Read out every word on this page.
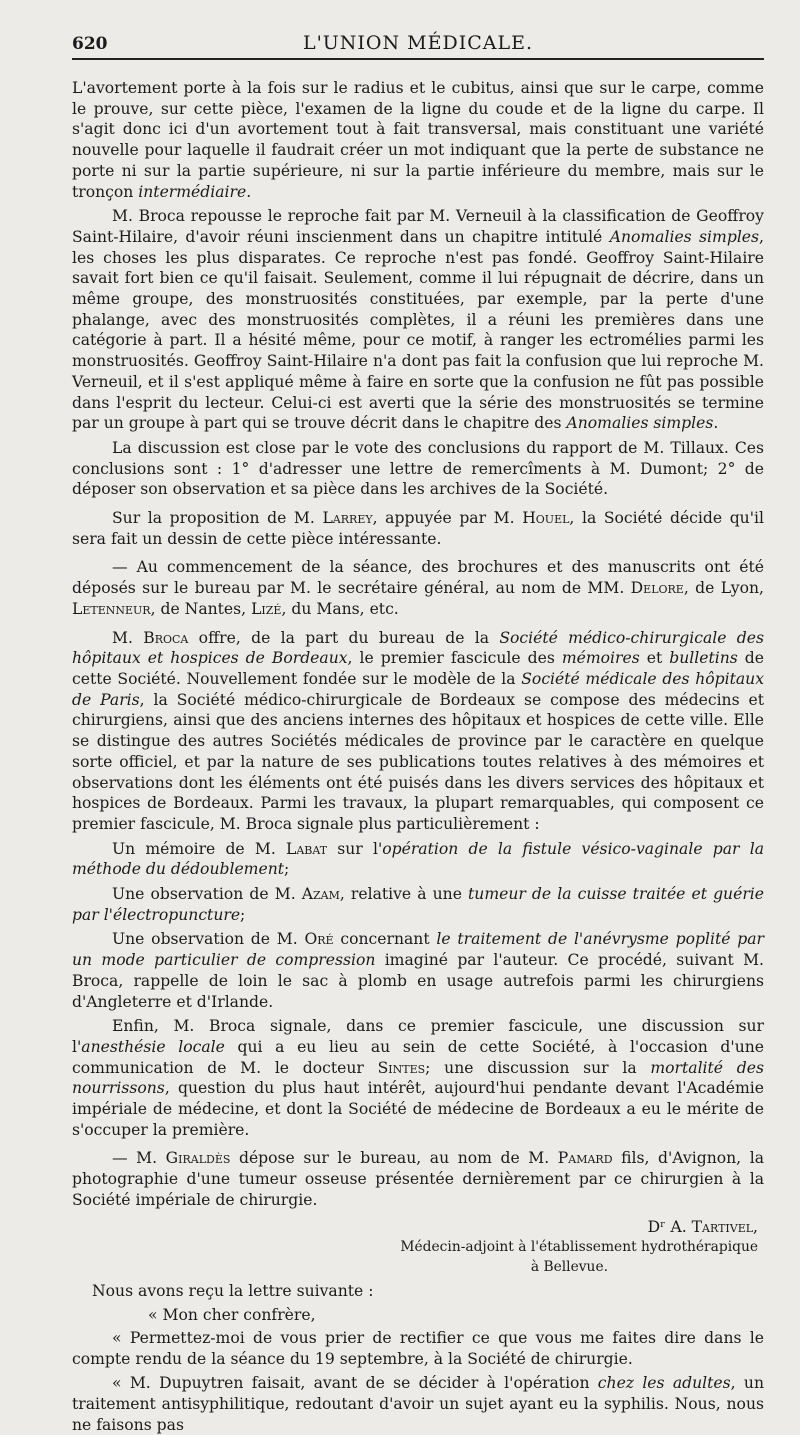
620	L'UNION MÉDICALE.

L'avortement porte à la fois sur le radius et le cubitus, ainsi que sur le carpe, comme le prouve, sur cette pièce, l'examen de la ligne du coude et de la ligne du carpe. Il s'agit donc ici d'un avortement tout à fait transversal, mais constituant une variété nouvelle pour laquelle il faudrait créer un mot indiquant que la perte de substance ne porte ni sur la partie supérieure, ni sur la partie inférieure du membre, mais sur le tronçon intermédiaire.

M. Broca repousse le reproche fait par M. Verneuil à la classification de Geoffroy Saint-Hilaire, d'avoir réuni inscienment dans un chapitre intitulé Anomalies simples, les choses les plus disparates. Ce reproche n'est pas fondé. Geoffroy Saint-Hilaire savait fort bien ce qu'il faisait. Seulement, comme il lui répugnait de décrire, dans un même groupe, des monstruosités constituées, par exemple, par la perte d'une phalange, avec des monstruosités complètes, il a réuni les premières dans une catégorie à part. Il a hésité même, pour ce motif, à ranger les ectromélies parmi les monstruosités. Geoffroy Saint-Hilaire n'a dont pas fait la confusion que lui reproche M. Verneuil, et il s'est appliqué même à faire en sorte que la confusion ne fût pas possible dans l'esprit du lecteur. Celui-ci est averti que la série des monstruosités se termine par un groupe à part qui se trouve décrit dans le chapitre des Anomalies simples.

La discussion est close par le vote des conclusions du rapport de M. Tillaux. Ces conclusions sont : 1° d'adresser une lettre de remercîments à M. Dumont; 2° de déposer son observation et sa pièce dans les archives de la Société.

Sur la proposition de M. Larrey, appuyée par M. Houel, la Société décide qu'il sera fait un dessin de cette pièce intéressante.

— Au commencement de la séance, des brochures et des manuscrits ont été déposés sur le bureau par M. le secrétaire général, au nom de MM. Delore, de Lyon, Letenneur, de Nantes, Lizé, du Mans, etc.

M. Broca offre, de la part du bureau de la Société médico-chirurgicale des hôpitaux et hospices de Bordeaux, le premier fascicule des mémoires et bulletins de cette Société. Nouvellement fondée sur le modèle de la Société médicale des hôpitaux de Paris, la Société médico-chirurgicale de Bordeaux se compose des médecins et chirurgiens, ainsi que des anciens internes des hôpitaux et hospices de cette ville. Elle se distingue des autres Sociétés médicales de province par le caractère en quelque sorte officiel, et par la nature de ses publications toutes relatives à des mémoires et observations dont les éléments ont été puisés dans les divers services des hôpitaux et hospices de Bordeaux. Parmi les travaux, la plupart remarquables, qui composent ce premier fascicule, M. Broca signale plus particulièrement :

Un mémoire de M. Labat sur l'opération de la fistule vésico-vaginale par la méthode du dédoublement;

Une observation de M. Azam, relative à une tumeur de la cuisse traitée et guérie par l'électropuncture;

Une observation de M. Oré concernant le traitement de l'anévrysme poplité par un mode particulier de compression imaginé par l'auteur. Ce procédé, suivant M. Broca, rappelle de loin le sac à plomb en usage autrefois parmi les chirurgiens d'Angleterre et d'Irlande.

Enfin, M. Broca signale, dans ce premier fascicule, une discussion sur l'anesthésie locale qui a eu lieu au sein de cette Société, à l'occasion d'une communication de M. le docteur Sintes; une discussion sur la mortalité des nourrissons, question du plus haut intérêt, aujourd'hui pendante devant l'Académie impériale de médecine, et dont la Société de médecine de Bordeaux a eu le mérite de s'occuper la première.

— M. Giraldès dépose sur le bureau, au nom de M. Pamard fils, d'Avignon, la photographie d'une tumeur osseuse présentée dernièrement par ce chirurgien à la Société impériale de chirurgie.

Dʳ A. Tartivel,
Médecin-adjoint à l'établissement hydrothérapique
à Bellevue.

Nous avons reçu la lettre suivante :

« Mon cher confrère,

« Permettez-moi de vous prier de rectifier ce que vous me faites dire dans le compte rendu de la séance du 19 septembre, à la Société de chirurgie.

« M. Dupuytren faisait, avant de se décider à l'opération chez les adultes, un traitement antisyphilitique, redoutant d'avoir un sujet ayant eu la syphilis. Nous, nous ne faisons pas
